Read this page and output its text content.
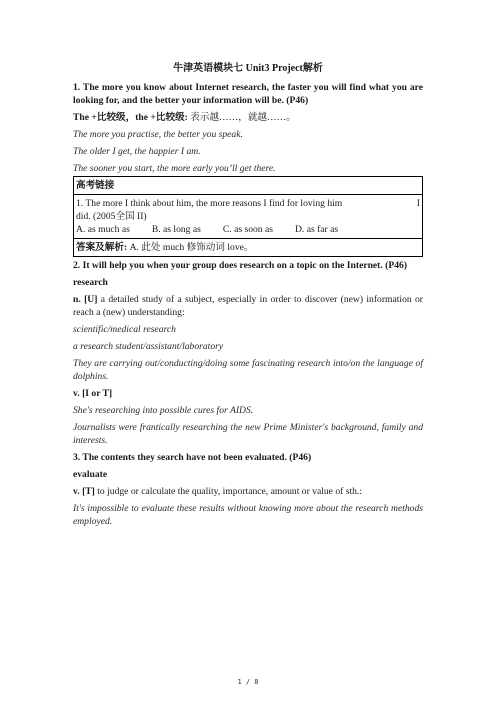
牛津英语模块七 Unit3 Project解析

1. The more you know about Internet research, the faster you will find what you are looking for, and the better your information will be. (P46)

The +比较级，the +比较级: 表示越……，就越……。

The more you practise, the better you speak.

The older I get, the happier I am.

The sooner you start, the more early you’ll get there.

高考链接
1. The more I think about him, the more reasons I find for loving him	I
did. (2005全国 II)
A. as much as B. as long as C. as soon as D. as far as
答案及解析: A. 此处 much 修饰动词 love。

2. It will help you when your group does research on a topic on the Internet. (P46)

research

n. [U] a detailed study of a subject, especially in order to discover (new) information or reach a (new) understanding:

scientific/medical research

a research student/assistant/laboratory

They are carrying out/conducting/doing some fascinating research into/on the language of dolphins.

v. [I or T]

She's researching into possible cures for AIDS.

Journalists were frantically researching the new Prime Minister's background, family and interests.

3. The contents they search have not been evaluated. (P46)

evaluate

v. [T] to judge or calculate the quality, importance, amount or value of sth.:

It's impossible to evaluate these results without knowing more about the research methods employed.

1 / 8
